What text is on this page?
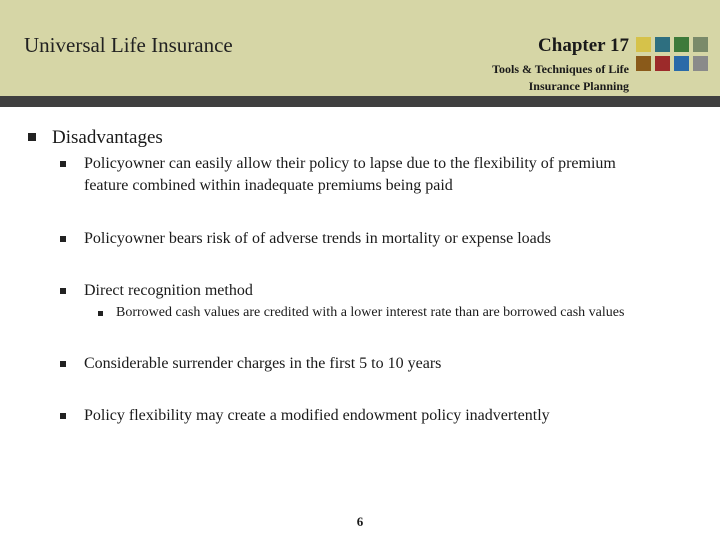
Universal Life Insurance	Chapter 17
Tools & Techniques of Life
Insurance Planning
Disadvantages
Policyowner can easily allow their policy to lapse due to the flexibility of premium
feature combined within inadequate premiums being paid
Policyowner bears risk of of adverse trends in mortality or expense loads
Direct recognition method
Borrowed cash values are credited with a lower interest rate than are borrowed cash values
Considerable surrender charges in the first 5 to 10 years
Policy flexibility may create a modified endowment policy inadvertently
6
